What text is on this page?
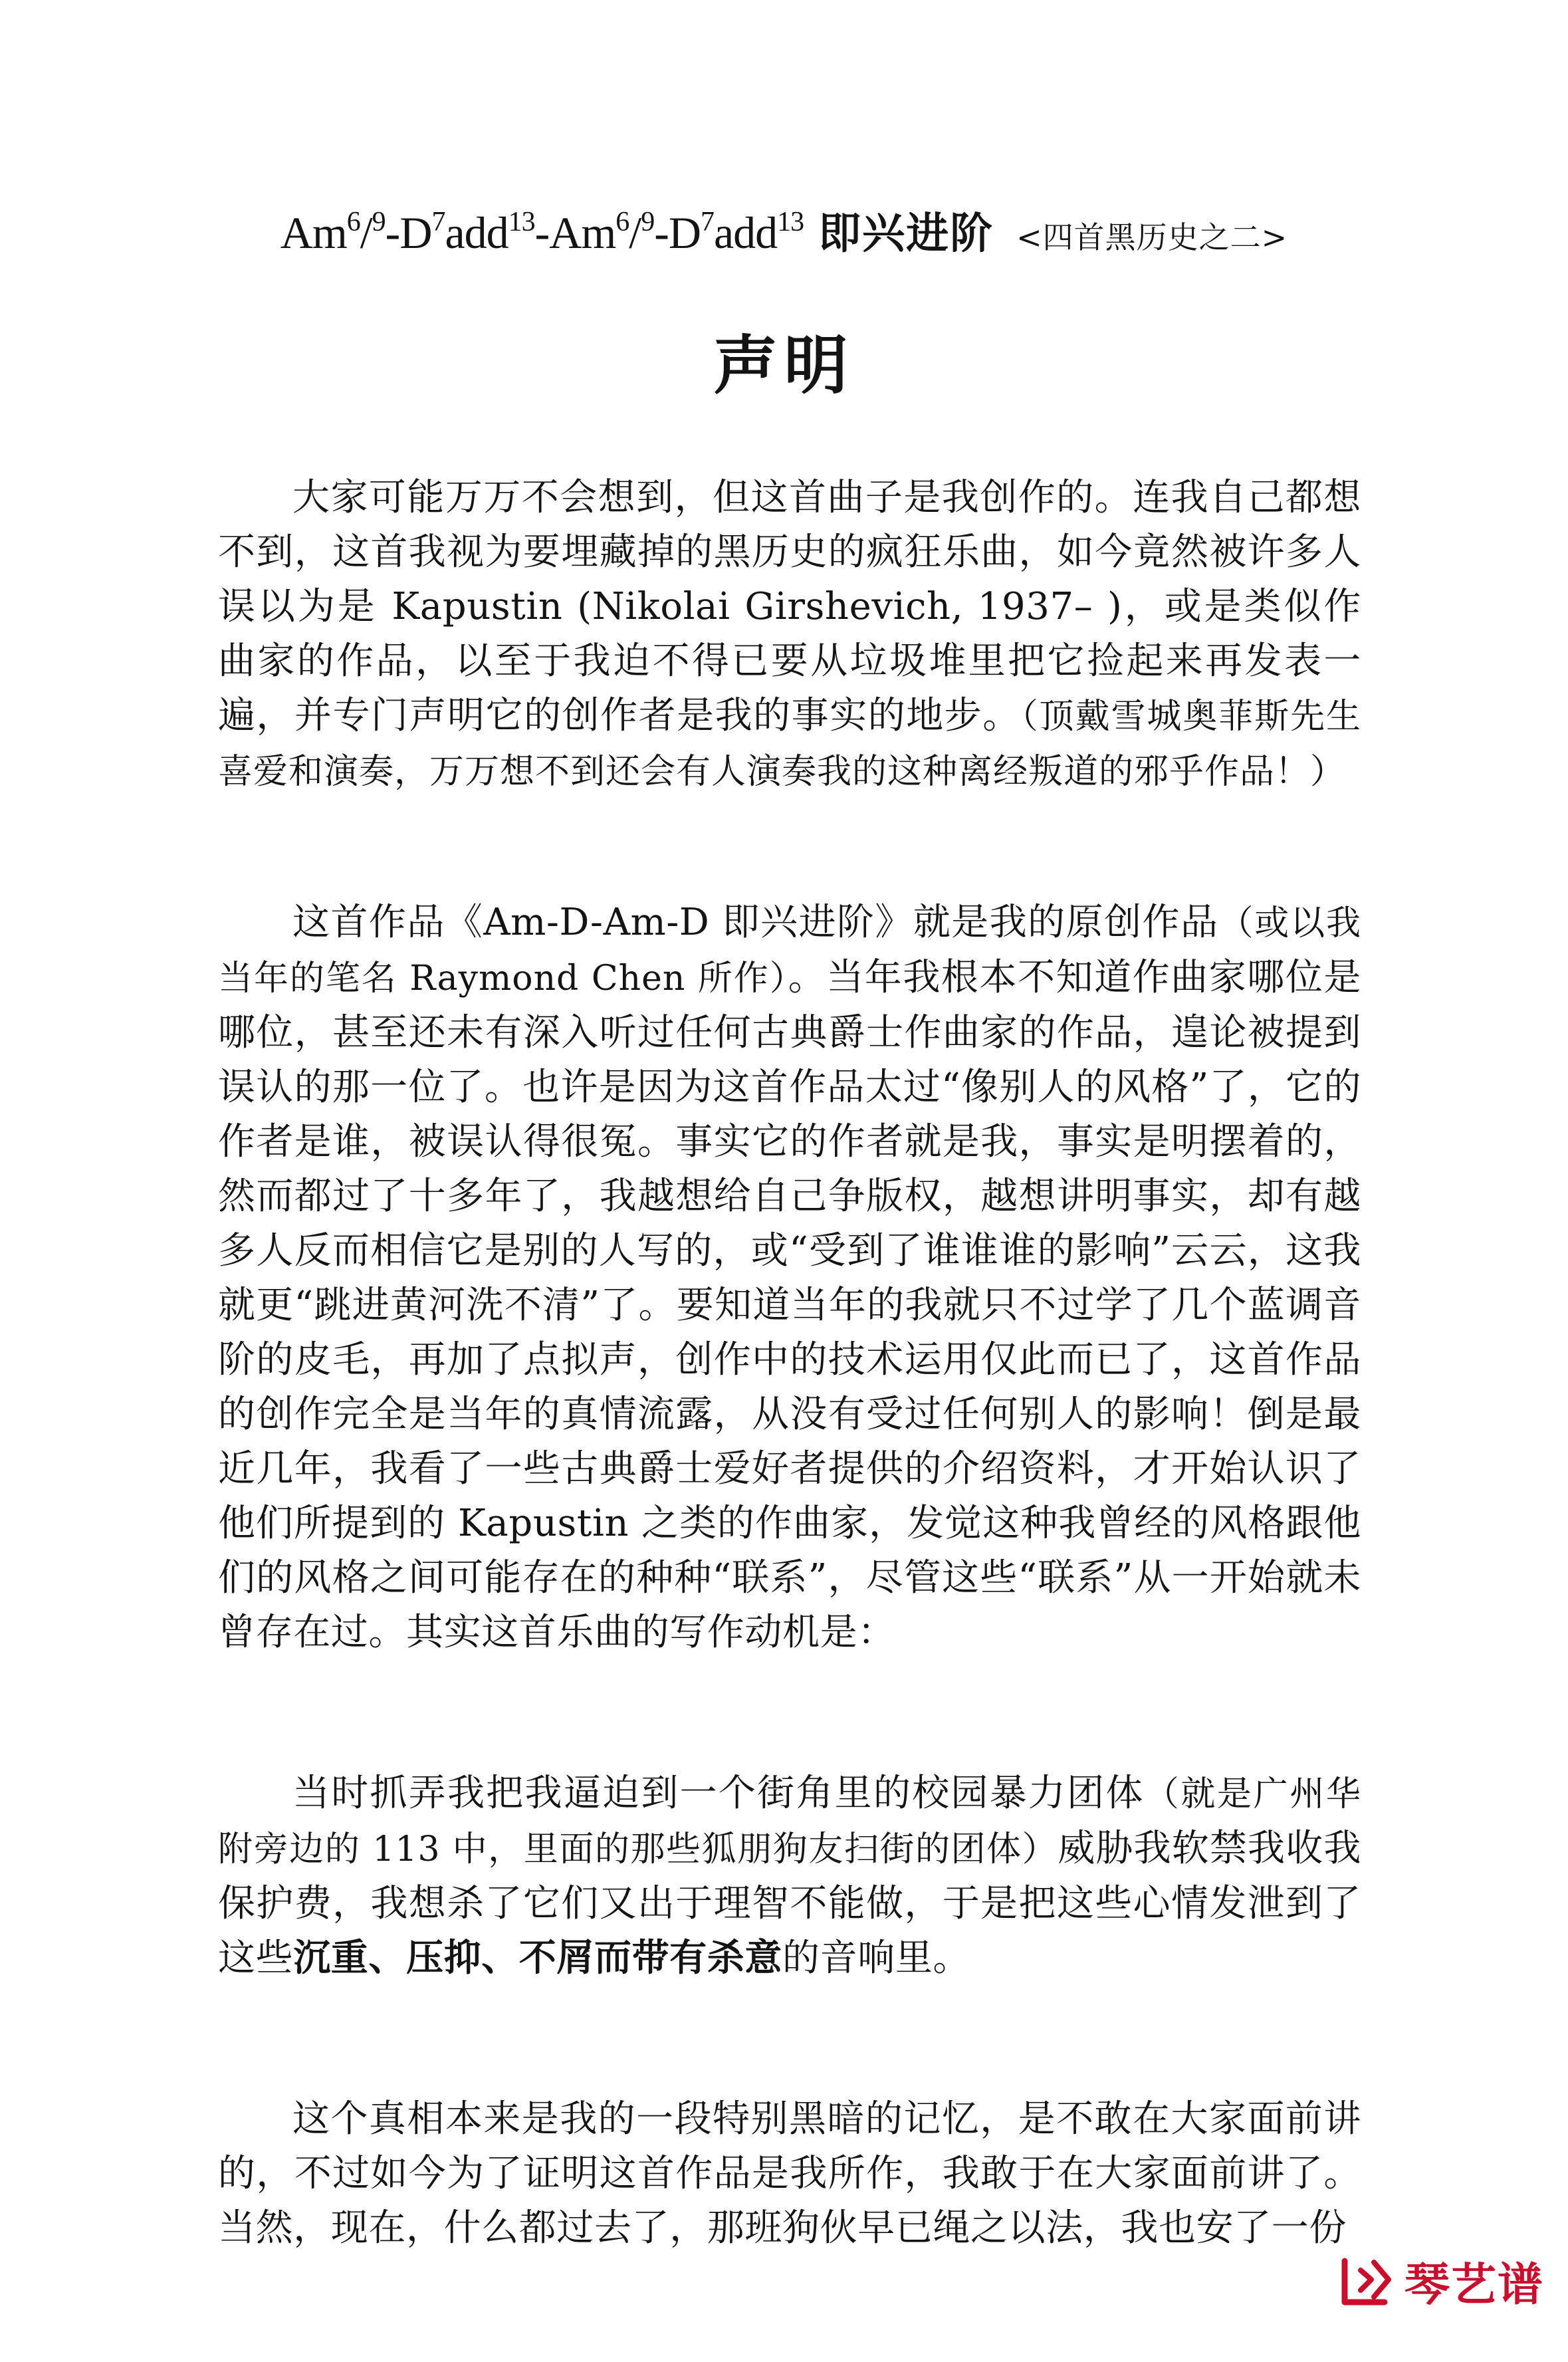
$Am^6/^9-D^7add^{13}-Am^6/^9-D^7add^{13}$ 即兴进阶 <四首黑历史之二>
声明

大家可能万万不会想到，但这首曲子是我创作的。连我自己都想不到，这首我视为要埋藏掉的黑历史的疯狂乐曲，如今竟然被许多人误以为是 Kapustin (Nikolai Girshevich, 1937– )，或是类似作曲家的作品，以至于我迫不得已要从垃圾堆里把它捡起来再发表一遍，并专门声明它的创作者是我的事实的地步。（顶戴雪城奥菲斯先生喜爱和演奏，万万想不到还会有人演奏我的这种离经叛道的邪乎作品！）

这首作品《Am-D-Am-D 即兴进阶》就是我的原创作品（或以我当年的笔名 Raymond Chen 所作）。当年我根本不知道作曲家哪位是哪位，甚至还未有深入听过任何古典爵士作曲家的作品，遑论被提到误认的那一位了。也许是因为这首作品太过“像别人的风格”了，它的作者是谁，被误认得很冤。事实它的作者就是我，事实是明摆着的，然而都过了十多年了，我越想给自己争版权，越想讲明事实，却有越多人反而相信它是别的人写的，或“受到了谁谁谁的影响”云云，这我就更“跳进黄河洗不清”了。要知道当年的我就只不过学了几个蓝调音阶的皮毛，再加了点拟声，创作中的技术运用仅此而已了，这首作品的创作完全是当年的真情流露，从没有受过任何别人的影响！倒是最近几年，我看了一些古典爵士爱好者提供的介绍资料，才开始认识了他们所提到的 Kapustin 之类的作曲家，发觉这种我曾经的风格跟他们的风格之间可能存在的种种“联系”，尽管这些“联系”从一开始就未曾存在过。其实这首乐曲的写作动机是：

当时抓弄我把我逼迫到一个街角里的校园暴力团体（就是广州华附旁边的 113 中，里面的那些狐朋狗友扫街的团体）威胁我软禁我收我保护费，我想杀了它们又出于理智不能做，于是把这些心情发泄到了这些沉重、压抑、不屑而带有杀意的音响里。

这个真相本来是我的一段特别黑暗的记忆，是不敢在大家面前讲的，不过如今为了证明这首作品是我所作，我敢于在大家面前讲了。当然，现在，什么都过去了，那班狗伙早已绳之以法，我也安了一份

琴艺谱
